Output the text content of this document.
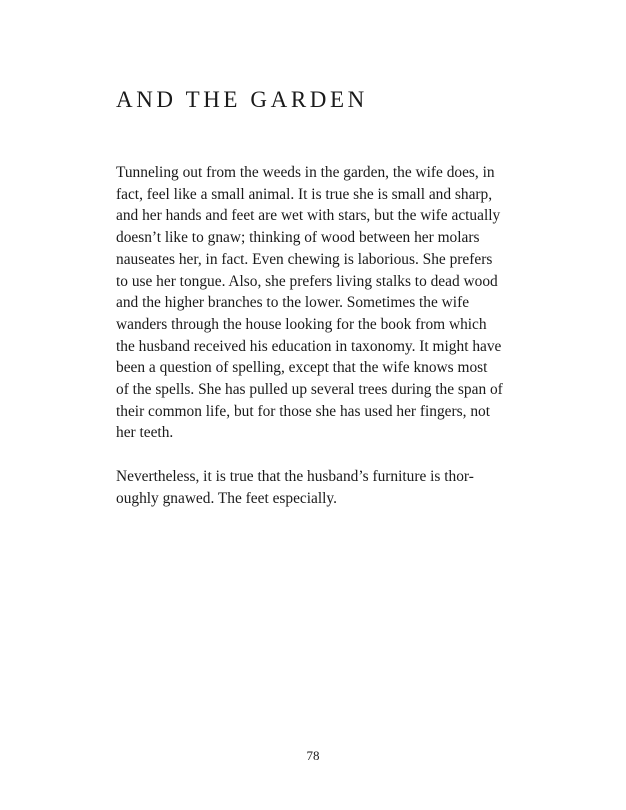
AND THE GARDEN

Tunneling out from the weeds in the garden, the wife does, in
fact, feel like a small animal. It is true she is small and sharp,
and her hands and feet are wet with stars, but the wife actually
doesn’t like to gnaw; thinking of wood between her molars
nauseates her, in fact. Even chewing is laborious. She prefers
to use her tongue. Also, she prefers living stalks to dead wood
and the higher branches to the lower. Sometimes the wife
wanders through the house looking for the book from which
the husband received his education in taxonomy. It might have
been a question of spelling, except that the wife knows most
of the spells. She has pulled up several trees during the span of
their common life, but for those she has used her fingers, not
her teeth.

Nevertheless, it is true that the husband’s furniture is thor-
oughly gnawed. The feet especially.

78
